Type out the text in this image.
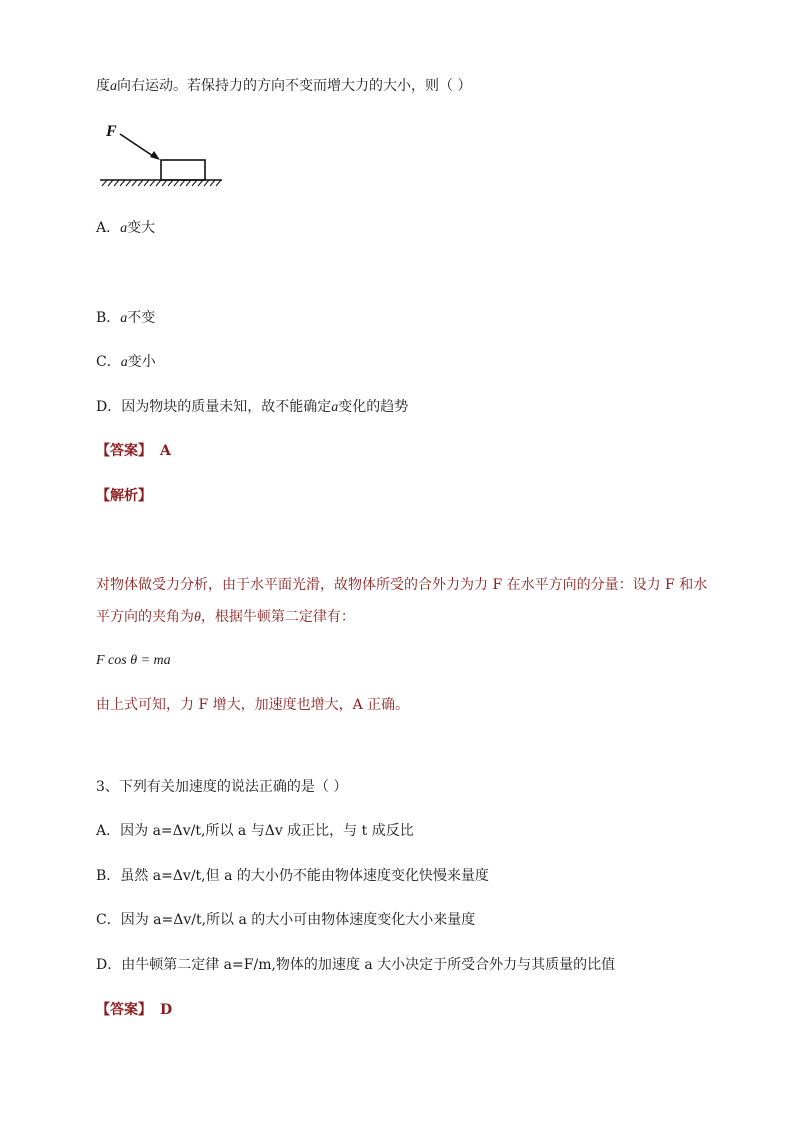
度a向右运动。若保持力的方向不变而增大力的大小，则（ ）
F
A．a变大
B．a不变
C．a变小
D．因为物块的质量未知，故不能确定a变化的趋势
【答案】 A
【解析】
对物体做受力分析，由于水平面光滑，故物体所受的合外力为力 F 在水平方向的分量：设力 F 和水
平方向的夹角为θ，根据牛顿第二定律有：
F cos θ = ma
由上式可知，力 F 增大，加速度也增大，A 正确。
3、下列有关加速度的说法正确的是（ ）
A．因为 a=Δv/t,所以 a 与Δv 成正比，与 t 成反比
B．虽然 a=Δv/t,但 a 的大小仍不能由物体速度变化快慢来量度
C．因为 a=Δv/t,所以 a 的大小可由物体速度变化大小来量度
D．由牛顿第二定律 a=F/m,物体的加速度 a 大小决定于所受合外力与其质量的比值
【答案】 D
